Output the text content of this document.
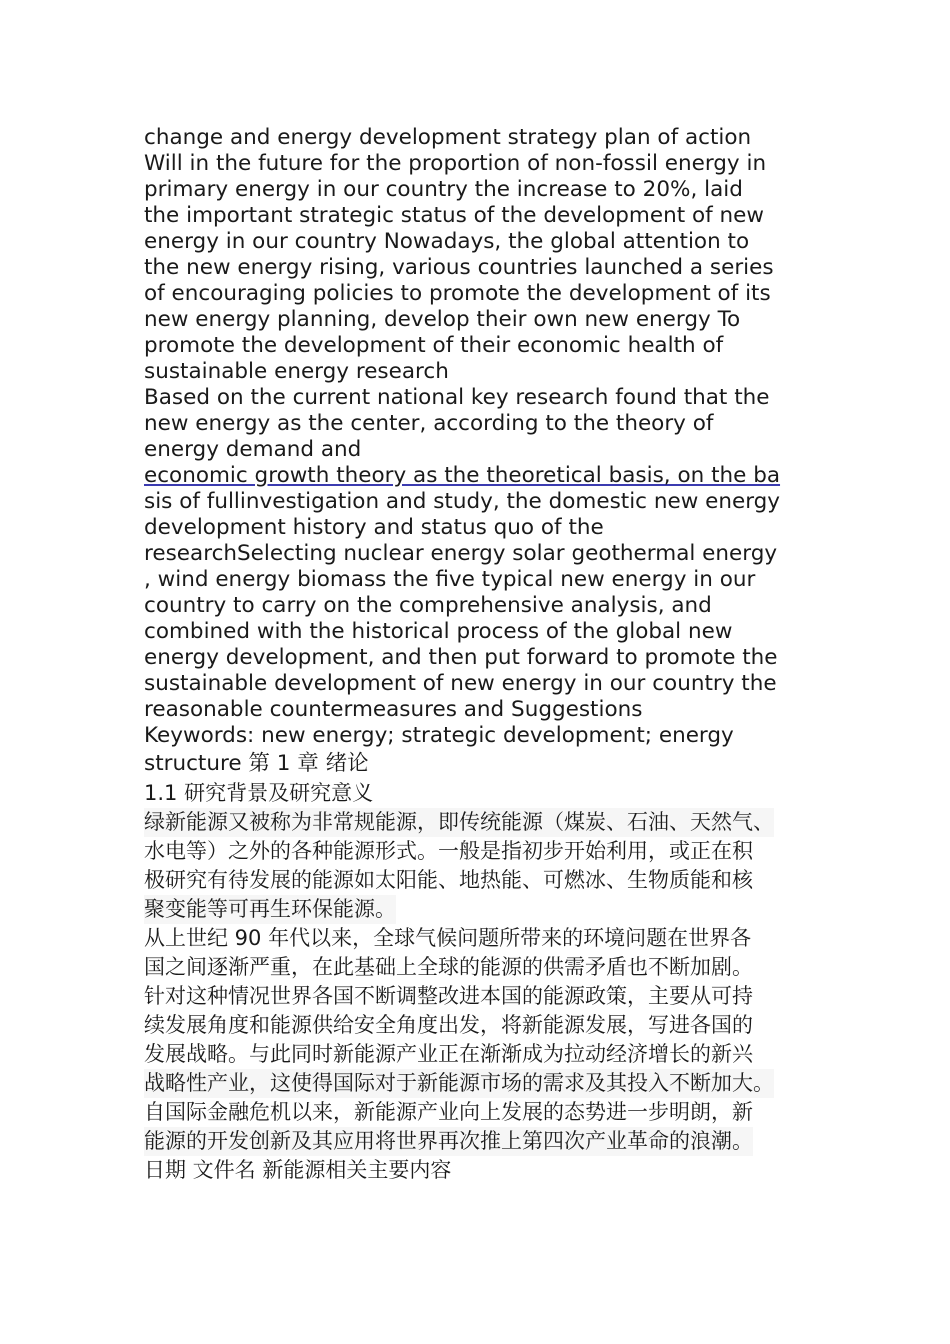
change and energy development strategy plan of action
Will in the future for the proportion of non-fossil energy in
primary energy in our country the increase to 20%, laid
the important strategic status of the development of new
energy in our country Nowadays, the global attention to
the new energy rising, various countries launched a series
of encouraging policies to promote the development of its
new energy planning, develop their own new energy To
promote the development of their economic health of
sustainable energy research
Based on the current national key research found that the
new energy as the center, according to the theory of
energy demand and
economic growth theory as the theoretical basis, on the ba
sis of fullinvestigation and study, the domestic new energy
development history and status quo of the
researchSelecting nuclear energy solar geothermal energy
, wind energy biomass the five typical new energy in our
country to carry on the comprehensive analysis, and
combined with the historical process of the global new
energy development, and then put forward to promote the
sustainable development of new energy in our country the
reasonable countermeasures and Suggestions
Keywords: new energy; strategic development; energy
structure 第 1 章 绪论
1.1 研究背景及研究意义
绿新能源又被称为非常规能源，即传统能源（煤炭、石油、天然气、
水电等）之外的各种能源形式。一般是指初步开始利用，或正在积
极研究有待发展的能源如太阳能、地热能、可燃冰、生物质能和核
聚变能等可再生环保能源。
从上世纪 90 年代以来，全球气候问题所带来的环境问题在世界各
国之间逐渐严重，在此基础上全球的能源的供需矛盾也不断加剧。
针对这种情况世界各国不断调整改进本国的能源政策，主要从可持
续发展角度和能源供给安全角度出发，将新能源发展，写进各国的
发展战略。与此同时新能源产业正在渐渐成为拉动经济增长的新兴
战略性产业，这使得国际对于新能源市场的需求及其投入不断加大。
自国际金融危机以来，新能源产业向上发展的态势进一步明朗，新
能源的开发创新及其应用将世界再次推上第四次产业革命的浪潮。
日期 文件名 新能源相关主要内容
